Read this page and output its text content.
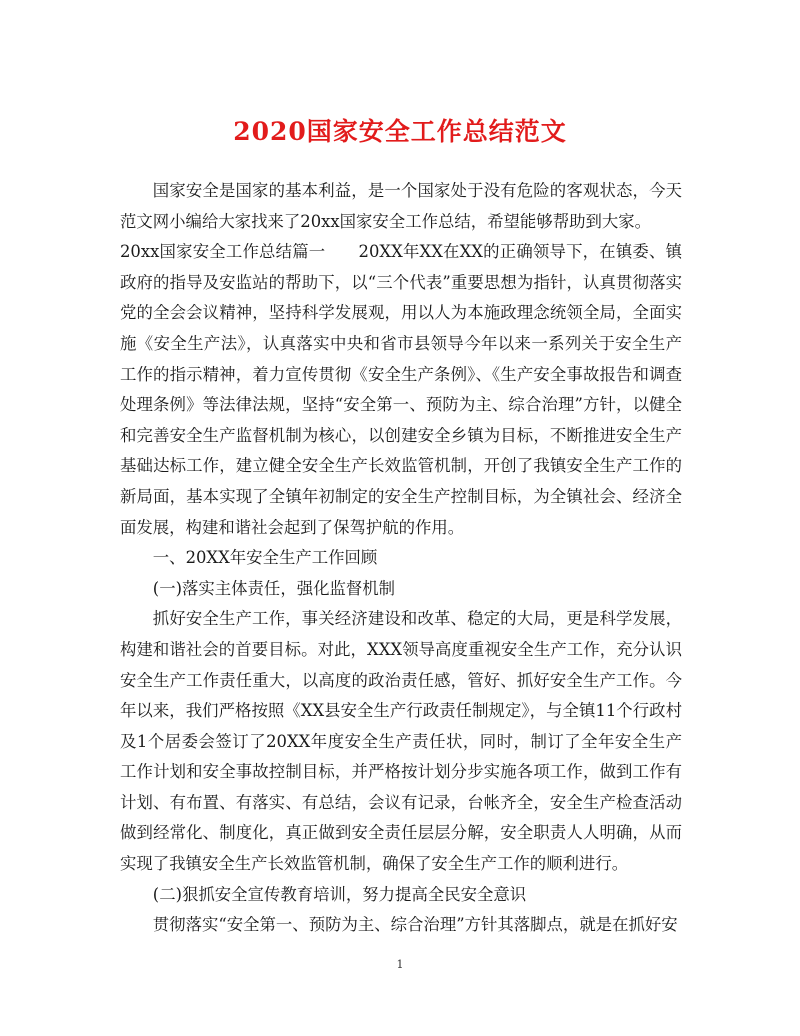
2020国家安全工作总结范文

国家安全是国家的基本利益，是一个国家处于没有危险的客观状态，今天范文网小编给大家找来了20xx国家安全工作总结，希望能够帮助到大家。

20xx国家安全工作总结篇一　　20XX年XX在XX的正确领导下，在镇委、镇政府的指导及安监站的帮助下，以“三个代表”重要思想为指针，认真贯彻落实党的全会会议精神，坚持科学发展观，用以人为本施政理念统领全局，全面实施《安全生产法》，认真落实中央和省市县领导今年以来一系列关于安全生产工作的指示精神，着力宣传贯彻《安全生产条例》、《生产安全事故报告和调查处理条例》等法律法规，坚持“安全第一、预防为主、综合治理”方针，以健全和完善安全生产监督机制为核心，以创建安全乡镇为目标，不断推进安全生产基础达标工作，建立健全安全生产长效监管机制，开创了我镇安全生产工作的新局面，基本实现了全镇年初制定的安全生产控制目标，为全镇社会、经济全面发展，构建和谐社会起到了保驾护航的作用。

一、20XX年安全生产工作回顾

(一)落实主体责任，强化监督机制

抓好安全生产工作，事关经济建设和改革、稳定的大局，更是科学发展，构建和谐社会的首要目标。对此，XXX领导高度重视安全生产工作，充分认识安全生产工作责任重大，以高度的政治责任感，管好、抓好安全生产工作。今年以来，我们严格按照《XX县安全生产行政责任制规定》，与全镇11个行政村及1个居委会签订了20XX年度安全生产责任状，同时，制订了全年安全生产工作计划和安全事故控制目标，并严格按计划分步实施各项工作，做到工作有计划、有布置、有落实、有总结，会议有记录，台帐齐全，安全生产检查活动做到经常化、制度化，真正做到安全责任层层分解，安全职责人人明确，从而实现了我镇安全生产长效监管机制，确保了安全生产工作的顺利进行。

(二)狠抓安全宣传教育培训，努力提高全民安全意识

贯彻落实“安全第一、预防为主、综合治理”方针其落脚点，就是在抓好安

1
